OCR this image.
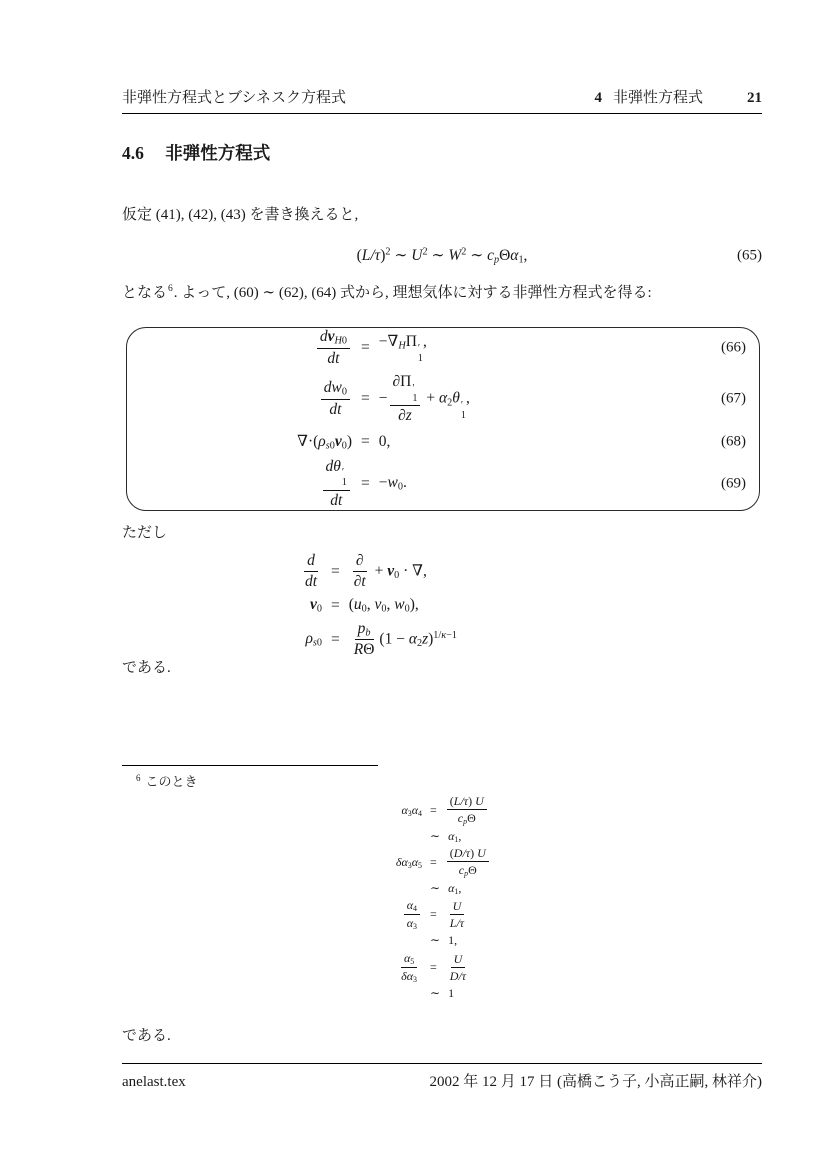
非弾性方程式とブシネスク方程式	4 非弾性方程式	21
4.6 非弾性方程式

仮定 (41), (42), (43) を書き換えると,

$(L/\tau)^2$ ∼ $U^2$ ∼ $W^2$ ∼ $c_p\Theta\alpha_1$,	(65)

となる$^6$. よって, (60) ∼ (62), (64) 式から, 理想気体に対する非弾性方程式を得る:

$\frac{dv_{H0}}{dt} = -\nabla_H\Pi$ ′
1
,	(66)
$\frac{dw_0}{dt}$ = − ∂Π ′
1
$\partial z + \alpha_2\theta$ ′
1
,	(67)
$\nabla\cdot(\rho_{s0}v_0) = 0$,	(68)
dθ ′
1
dt = $-w_0$.	(69)

ただし

$\frac{d}{dt} = \frac{\partial}{\partial t} + v_0$ · ∇,
$v_0 = (u_0$, $v_0$, $w_0$),
$\rho_{s0} = \frac{p_b}{R\Theta} (1 - \alpha_2z)^{1/\kappa-1}$

である.

$^6$ このとき
$\alpha_3\alpha_4 = \frac{(L/\tau) U}{c_p\Theta}$
∼ $\alpha_1$,
$\delta\alpha_3\alpha_5 = \frac{(D/\tau) U}{c_p\Theta}$
∼ $\alpha_1$,
$\frac{\alpha_4}{\alpha_3} = \frac{U}{L/\tau}$
∼ 1,
$\frac{\alpha_5}{\delta\alpha_3} = \frac{U}{D/\tau}$
∼ 1

である.

anelast.tex	2002 年 12 月 17 日 (高橋こう子, 小高正嗣, 林祥介)
